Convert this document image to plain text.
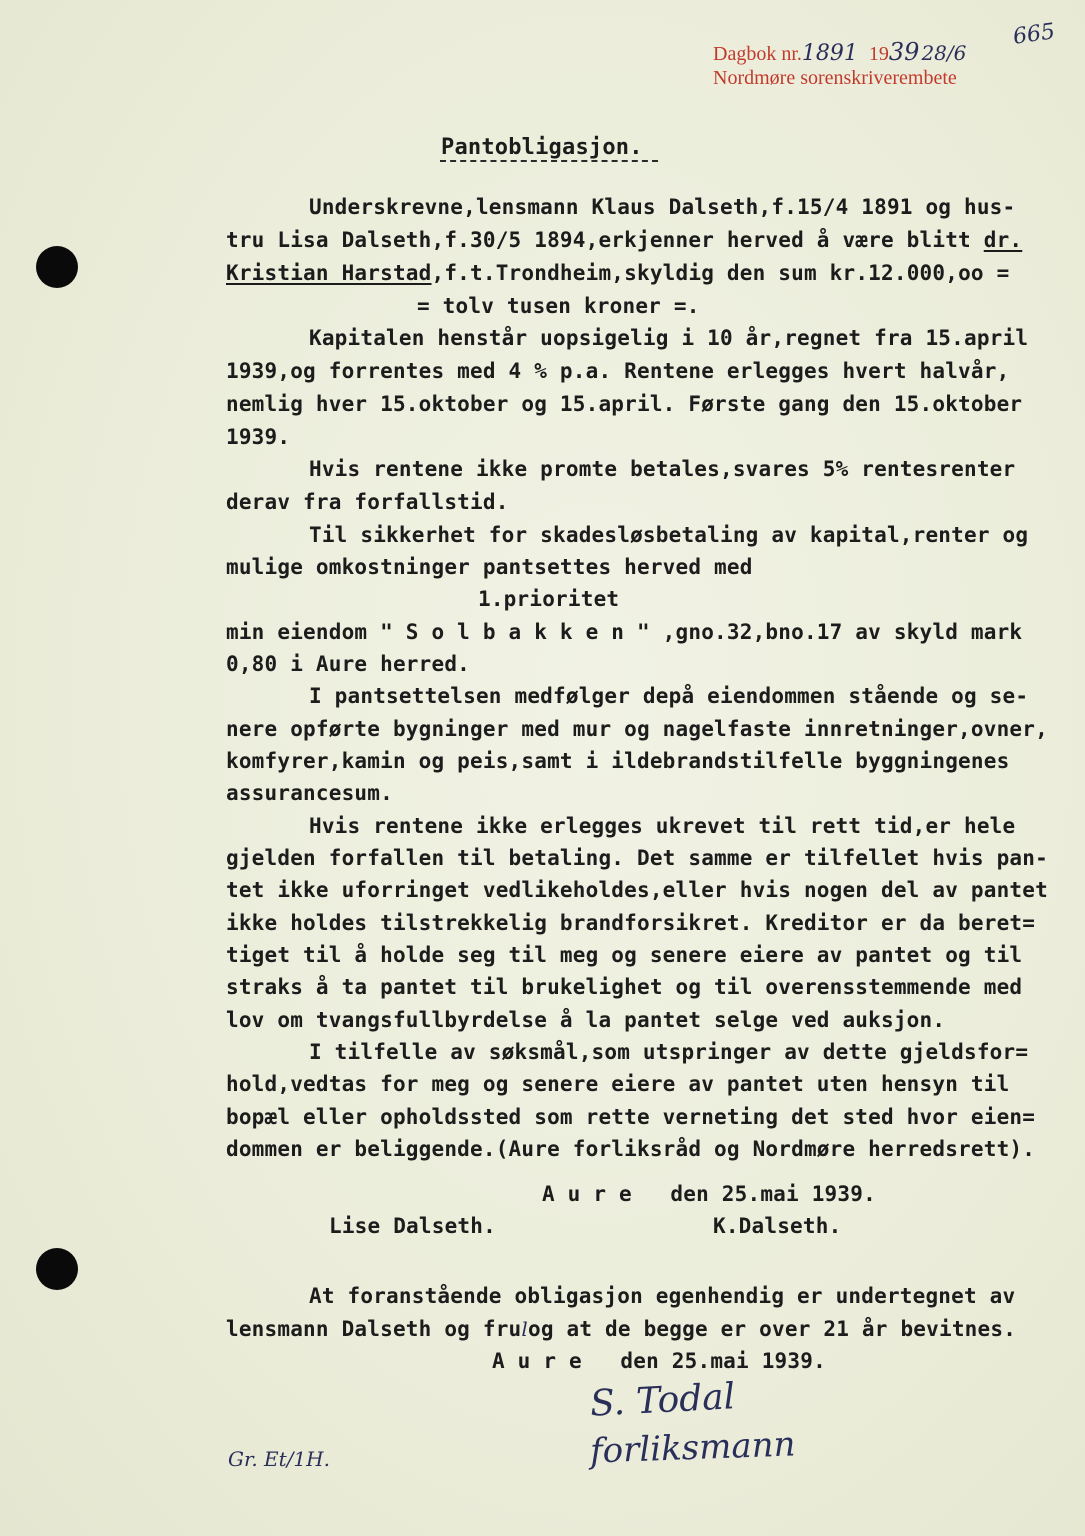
665
Dagbok nr.1891 1939 28/6
Nordmøre sorenskriverembete
Pantobligasjon.
Underskrevne,lensmann Klaus Dalseth,f.15/4 1891 og hus-
tru Lisa Dalseth,f.30/5 1894,erkjenner herved å være blitt dr.
Kristian Harstad,f.t.Trondheim,skyldig den sum kr.12.000,oo =
= tolv tusen kroner =.
Kapitalen henstår uopsigelig i 10 år,regnet fra 15.april
1939,og forrentes med 4 % p.a. Rentene erlegges hvert halvår,
nemlig hver 15.oktober og 15.april. Første gang den 15.oktober
1939.
Hvis rentene ikke promte betales,svares 5% rentesrenter
derav fra forfallstid.
Til sikkerhet for skadesløsbetaling av kapital,renter og
mulige omkostninger pantsettes herved med
1.prioritet
min eiendom " S o l b a k k e n " ,gno.32,bno.17 av skyld mark
0,80 i Aure herred.
I pantsettelsen medfølger depå eiendommen stående og se-
nere opførte bygninger med mur og nagelfaste innretninger,ovner,
komfyrer,kamin og peis,samt i ildebrandstilfelle byggningenes
assurancesum.
Hvis rentene ikke erlegges ukrevet til rett tid,er hele
gjelden forfallen til betaling. Det samme er tilfellet hvis pan-
tet ikke uforringet vedlikeholdes,eller hvis nogen del av pantet
ikke holdes tilstrekkelig brandforsikret. Kreditor er da beret=
tiget til å holde seg til meg og senere eiere av pantet og til
straks å ta pantet til brukelighet og til overensstemmende med
lov om tvangsfullbyrdelse å la pantet selge ved auksjon.
I tilfelle av søksmål,som utspringer av dette gjeldsfor=
hold,vedtas for meg og senere eiere av pantet uten hensyn til
bopæl eller opholdssted som rette verneting det sted hvor eien=
dommen er beliggende.(Aure forliksråd og Nordmøre herredsrett).
A u r e   den 25.mai 1939.
Lise Dalseth.	K.Dalseth.
At foranstående obligasjon egenhendig er undertegnet av
lensmann Dalseth og frulog at de begge er over 21 år bevitnes.
A u r e   den 25.mai 1939.
S. Todal
forliksmann
Gr. Et/1H.
